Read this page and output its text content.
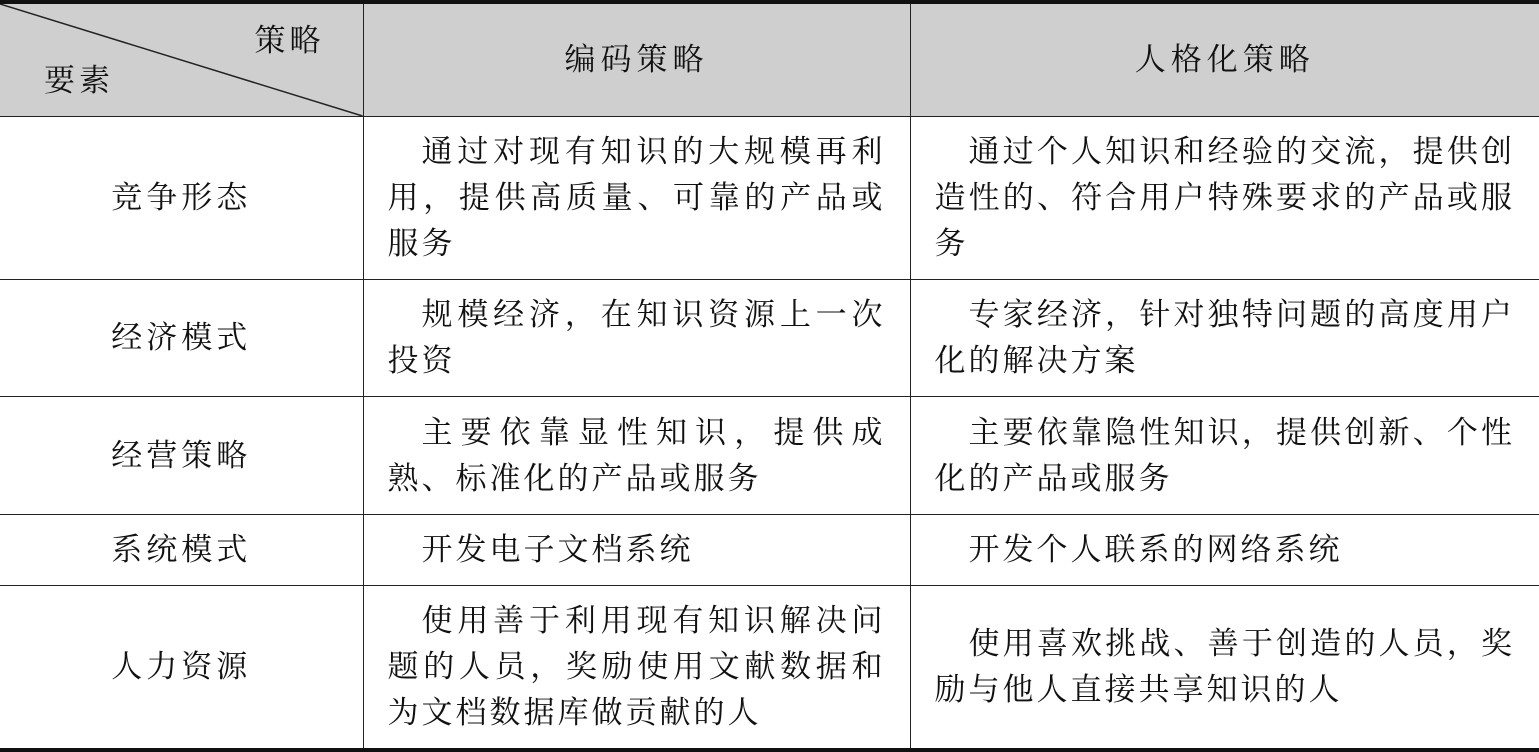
策略
要素	编码策略	人格化策略

竞争形态	通过对现有知识的大规模再利用，提供高质量、可靠的产品或服务	通过个人知识和经验的交流，提供创造性的、符合用户特殊要求的产品或服务

经济模式	规模经济，在知识资源上一次投资	专家经济，针对独特问题的高度用户化的解决方案

经营策略	主要依靠显性知识，提供成熟、标准化的产品或服务	主要依靠隐性知识，提供创新、个性化的产品或服务

系统模式	开发电子文档系统	开发个人联系的网络系统

人力资源	使用善于利用现有知识解决问题的人员，奖励使用文献数据和为文档数据库做贡献的人	使用喜欢挑战、善于创造的人员，奖励与他人直接共享知识的人
